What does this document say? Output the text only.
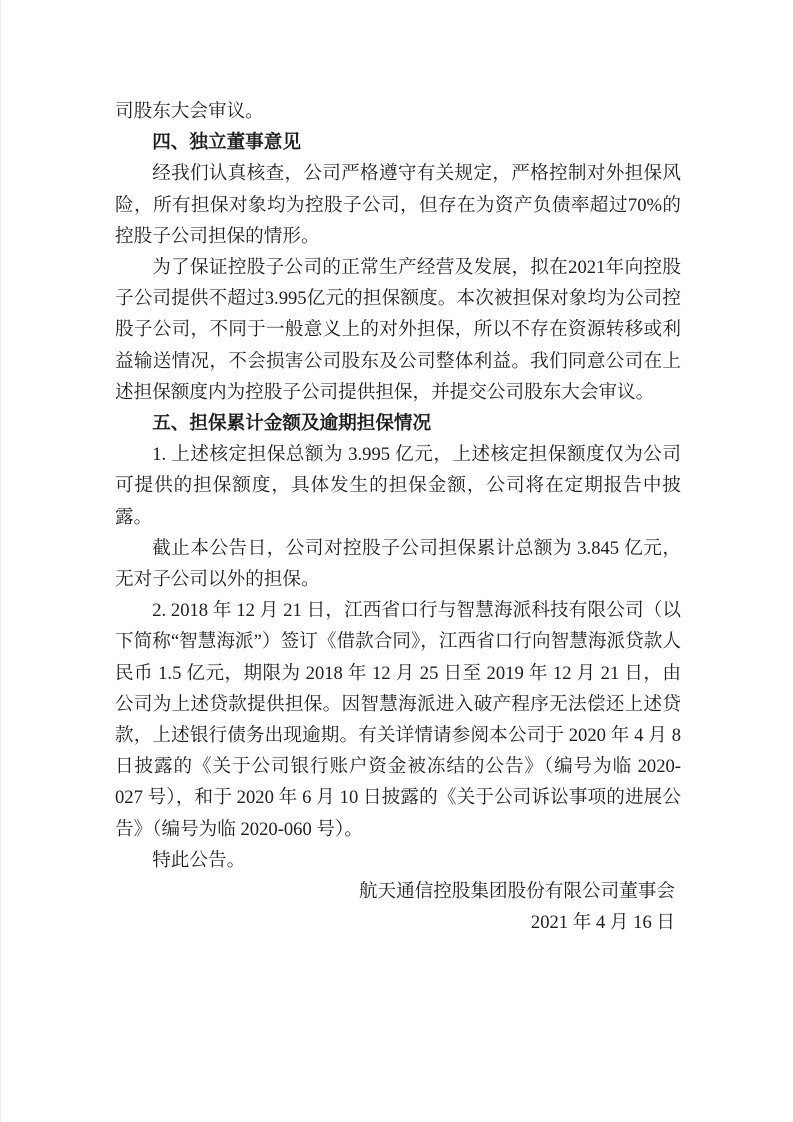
司股东大会审议。

四、独立董事意见

经我们认真核查，公司严格遵守有关规定，严格控制对外担保风险，所有担保对象均为控股子公司，但存在为资产负债率超过70%的控股子公司担保的情形。

为了保证控股子公司的正常生产经营及发展，拟在2021年向控股子公司提供不超过3.995亿元的担保额度。本次被担保对象均为公司控股子公司，不同于一般意义上的对外担保，所以不存在资源转移或利益输送情况，不会损害公司股东及公司整体利益。我们同意公司在上述担保额度内为控股子公司提供担保，并提交公司股东大会审议。

五、担保累计金额及逾期担保情况

1. 上述核定担保总额为 3.995 亿元，上述核定担保额度仅为公司可提供的担保额度，具体发生的担保金额，公司将在定期报告中披露。

截止本公告日，公司对控股子公司担保累计总额为 3.845 亿元，无对子公司以外的担保。

2. 2018 年 12 月 21 日，江西省口行与智慧海派科技有限公司（以下简称“智慧海派”）签订《借款合同》，江西省口行向智慧海派贷款人民币 1.5 亿元，期限为 2018 年 12 月 25 日至 2019 年 12 月 21 日，由公司为上述贷款提供担保。因智慧海派进入破产程序无法偿还上述贷款，上述银行债务出现逾期。有关详情请参阅本公司于 2020 年 4 月 8 日披露的《关于公司银行账户资金被冻结的公告》（编号为临 2020-027 号），和于 2020 年 6 月 10 日披露的《关于公司诉讼事项的进展公告》（编号为临 2020-060 号）。

特此公告。

航天通信控股集团股份有限公司董事会

2021 年 4 月 16 日
